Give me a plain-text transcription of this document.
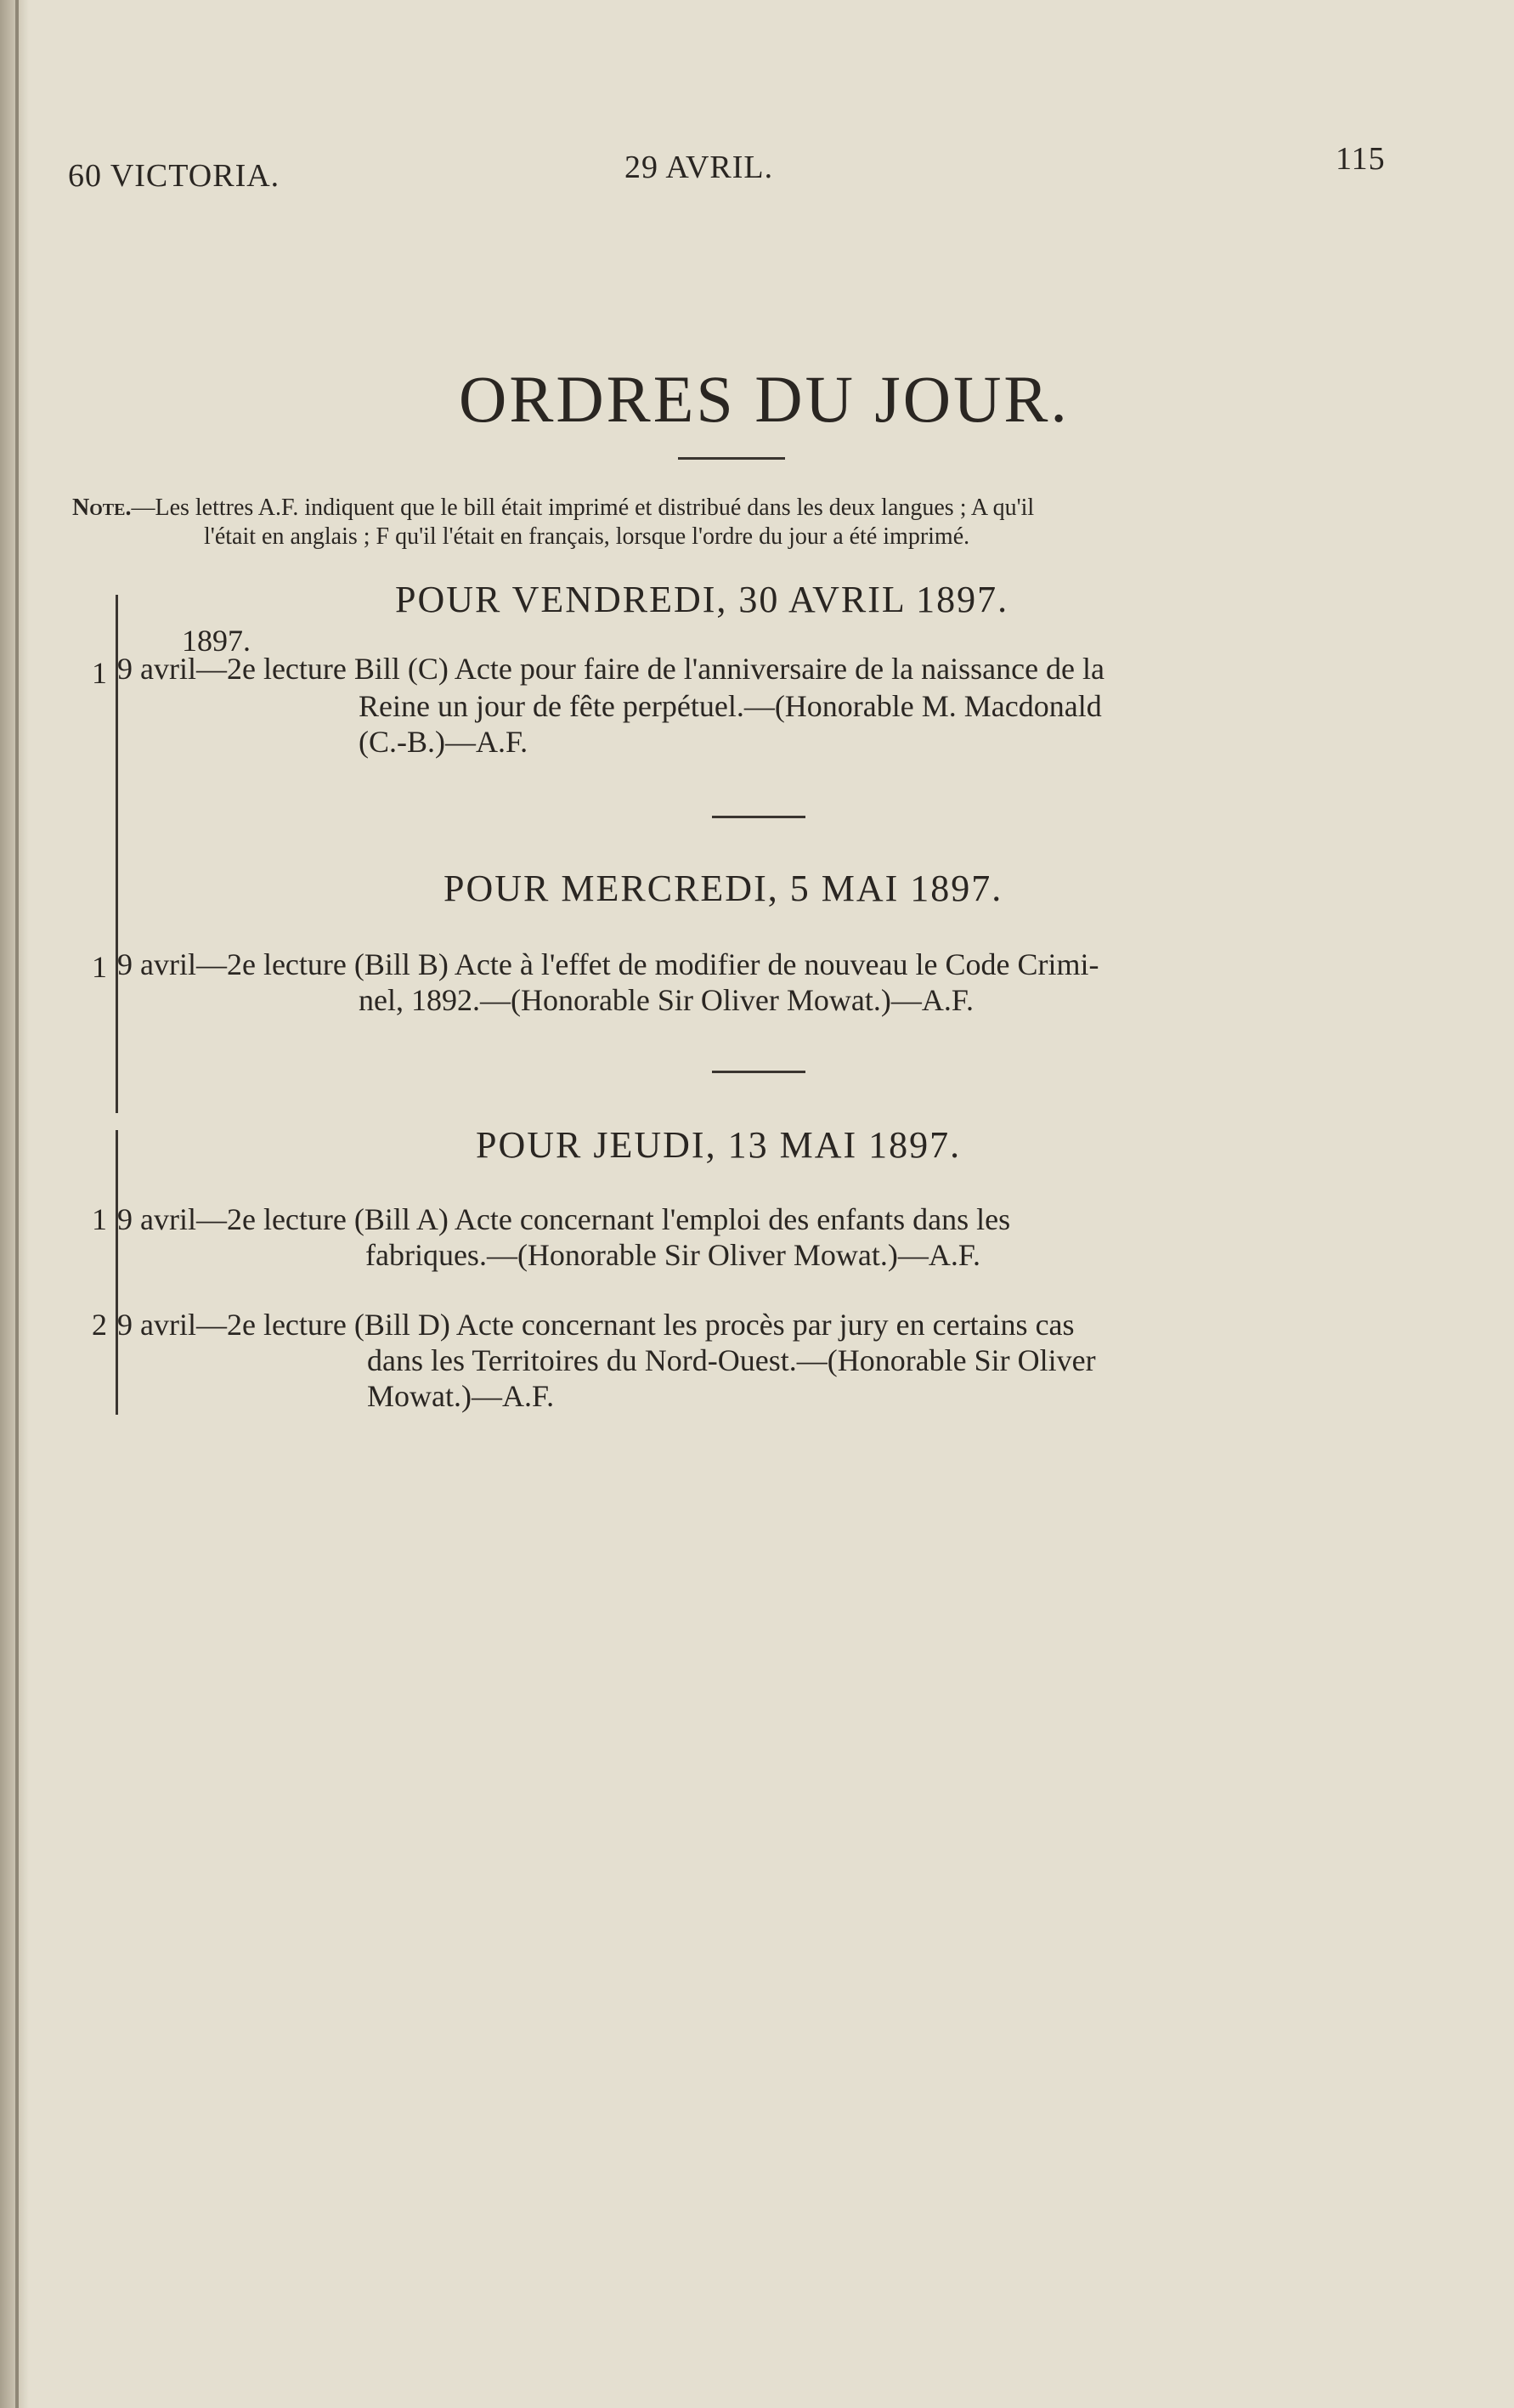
60 VICTORIA.	29 AVRIL.	115
ORDRES DU JOUR.
Note.—Les lettres A.F. indiquent que le bill était imprimé et distribué dans les deux langues ; A qu'il
l'était en anglais ; F qu'il l'était en français, lorsque l'ordre du jour a été imprimé.
POUR VENDREDI, 30 AVRIL 1897.
1897.
1 9 avril—2e lecture Bill (C) Acte pour faire de l'anniversaire de la naissance de la
Reine un jour de fête perpétuel.—(Honorable M. Macdonald
(C.-B.)—A.F.
POUR MERCREDI, 5 MAI 1897.
1 9 avril—2e lecture (Bill B) Acte à l'effet de modifier de nouveau le Code Crimi-
nel, 1892.—(Honorable Sir Oliver Mowat.)—A.F.
POUR JEUDI, 13 MAI 1897.
1 9 avril—2e lecture (Bill A) Acte concernant l'emploi des enfants dans les
fabriques.—(Honorable Sir Oliver Mowat.)—A.F.
2 9 avril—2e lecture (Bill D) Acte concernant les procès par jury en certains cas
dans les Territoires du Nord-Ouest.—(Honorable Sir Oliver
Mowat.)—A.F.
